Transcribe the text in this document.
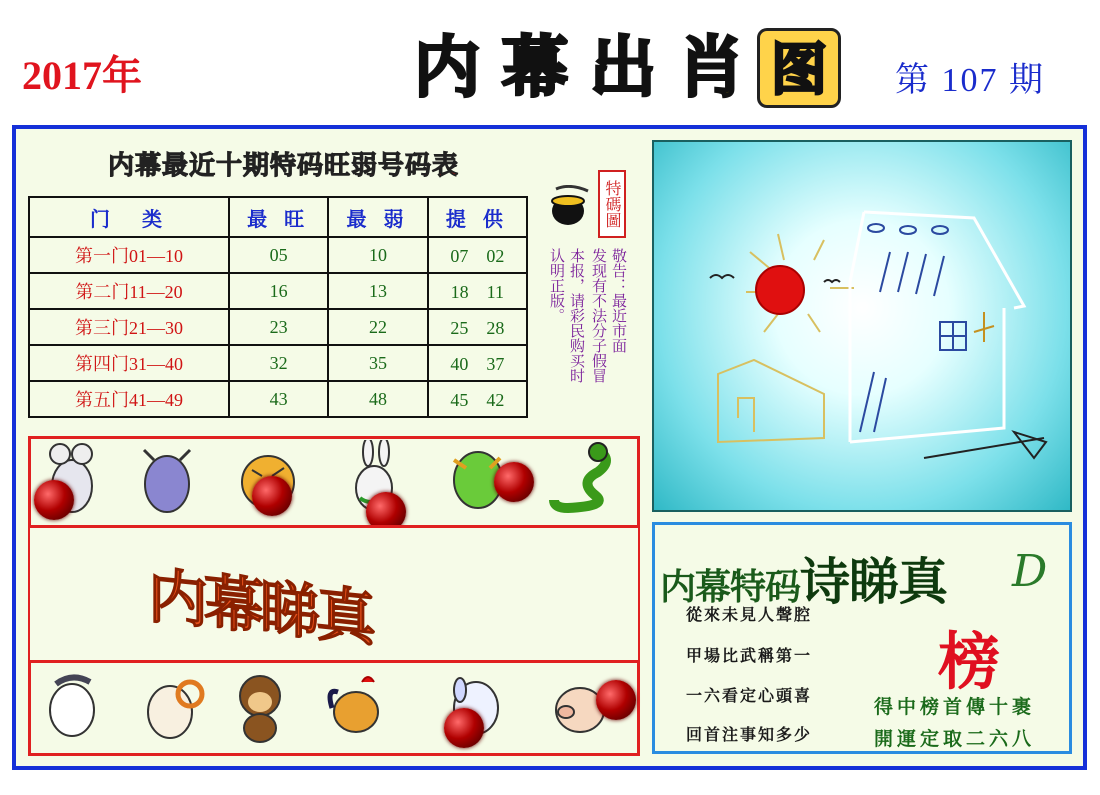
2017年	内 幕 出 肖 图	第 107 期
内幕最近十期特码旺弱号码表
门　类	最 旺	最 弱	提 供
第一门01—10	05	10	07　02
第二门11—20	16	13	18　11
第三门21—30	23	22	25　28
第四门31—40	32	35	40　37
第五门41—49	43	48	45　42
特碼圖
敬告：最近市面
发现有不法分子假冒
本报，请彩民购买时
认明正版。
内幕睇真	内幕特码诗睇真 D
榜
從來未見人聲腔
甲場比武稱第一
一六看定心頭喜
回首注事知多少
得中榜首傳十裹
開運定取二六八
